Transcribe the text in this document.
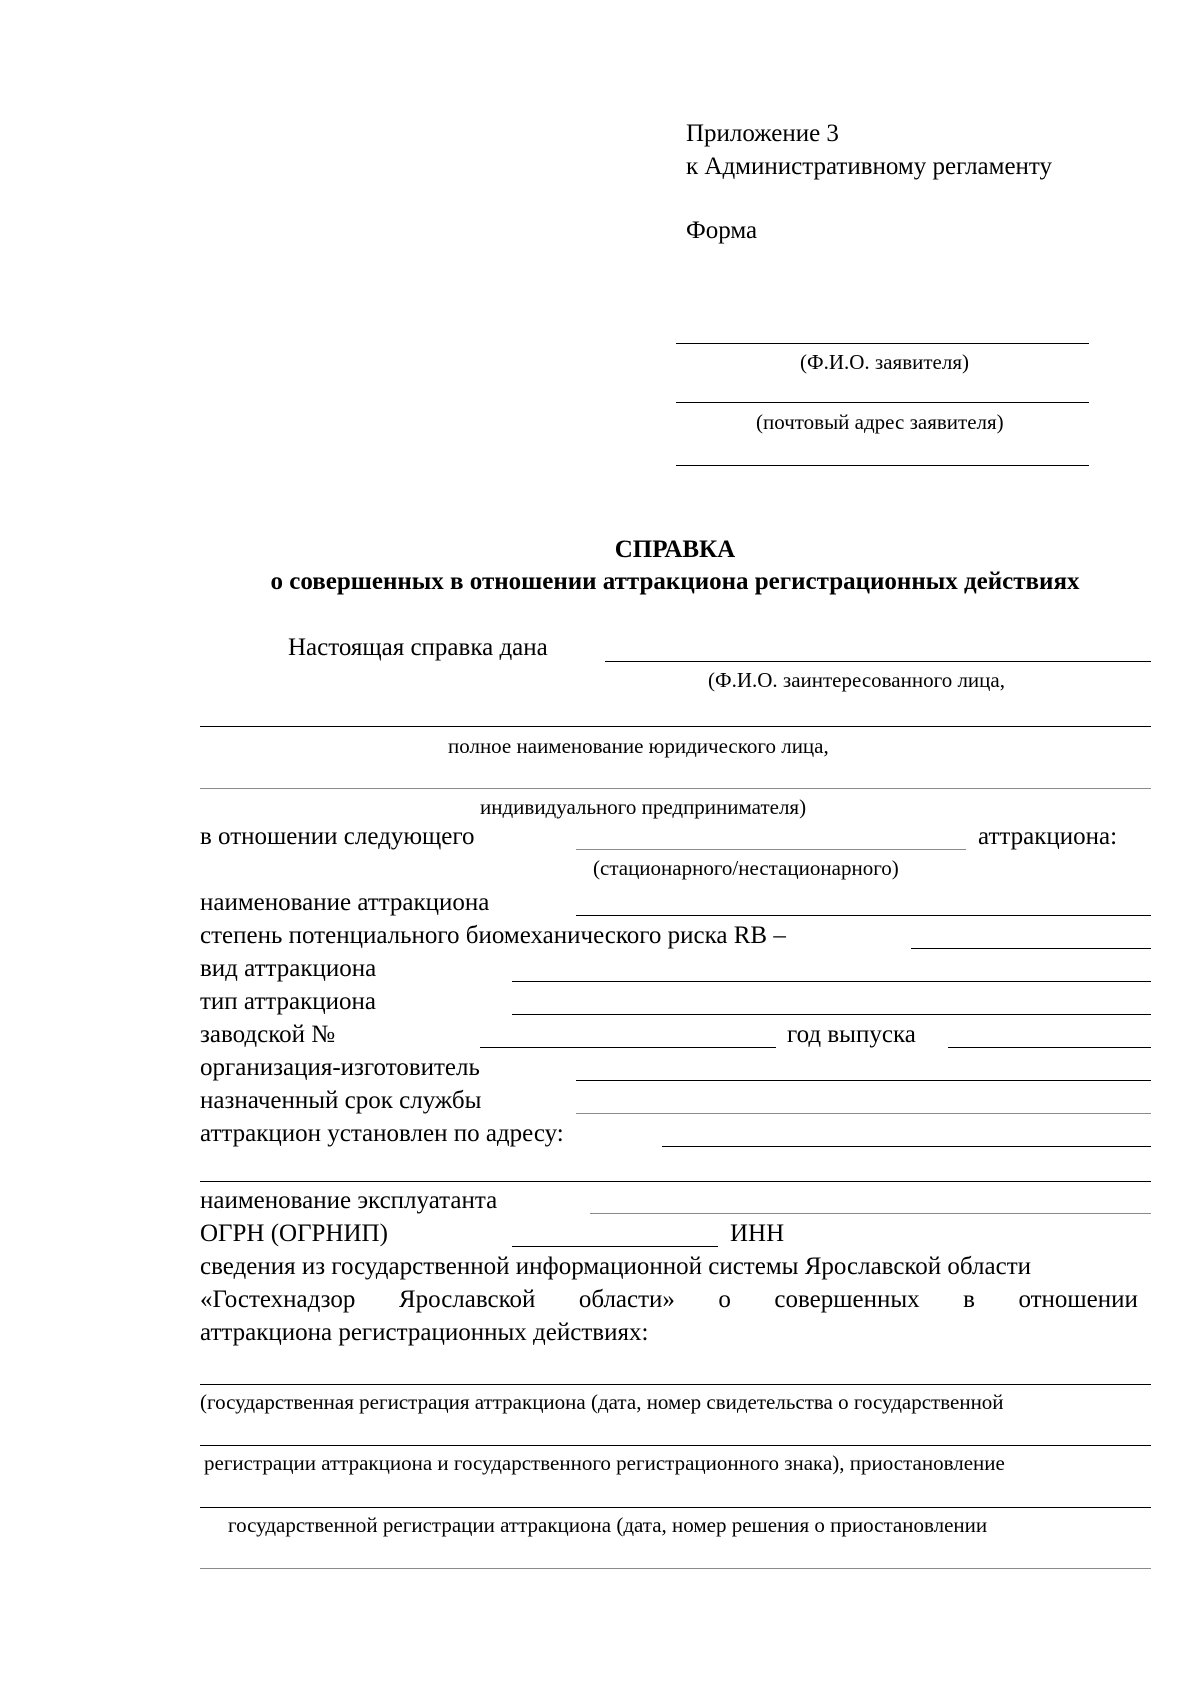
Приложение 3
к Административному регламенту
Форма
(Ф.И.О. заявителя)
(почтовый адрес заявителя)
СПРАВКА
о совершенных в отношении аттракциона регистрационных действиях
Настоящая справка дана
(Ф.И.О. заинтересованного лица,
полное наименование юридического лица,
индивидуального предпринимателя)
в отношении следующего	аттракциона:
(стационарного/нестационарного)
наименование аттракциона
степень потенциального биомеханического риска RB –
вид аттракциона
тип аттракциона
заводской №	год выпуска
организация-изготовитель
назначенный срок службы
аттракцион установлен по адресу:
наименование эксплуатанта
ОГРН (ОГРНИП)	ИНН
сведения из государственной информационной системы Ярославской области
«Гостехнадзор Ярославской области» о совершенных в отношении
аттракциона регистрационных действиях:
(государственная регистрация аттракциона (дата, номер свидетельства о государственной
регистрации аттракциона и государственного регистрационного знака), приостановление
государственной регистрации аттракциона (дата, номер решения о приостановлении
